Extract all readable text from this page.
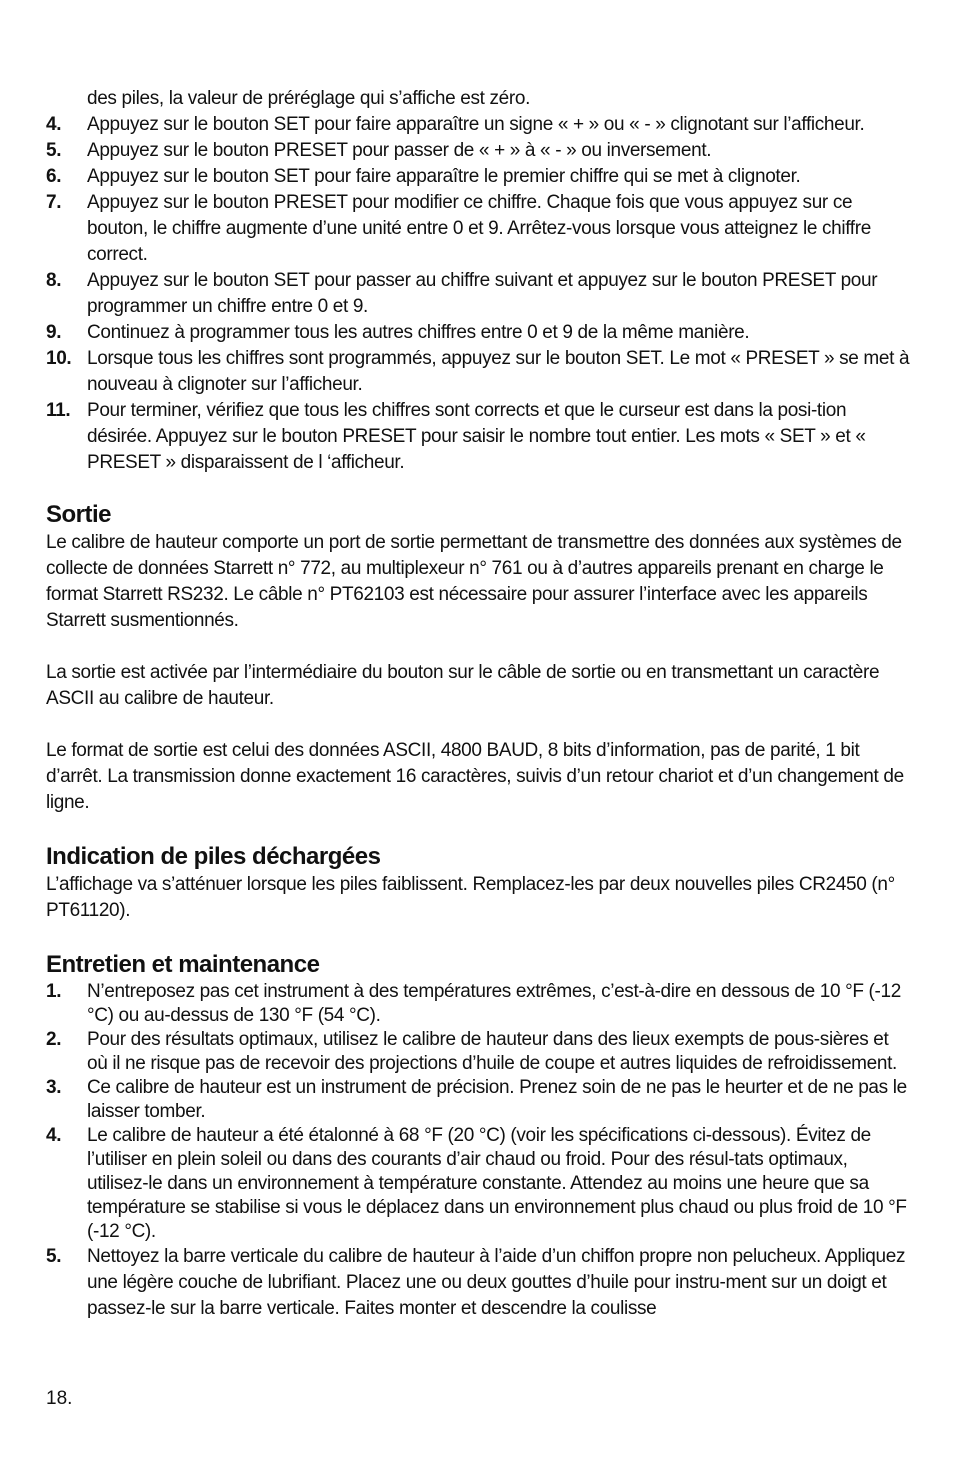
des piles, la valeur de préréglage qui s’affiche est zéro.
4.	Appuyez sur le bouton SET pour faire apparaître un signe « + » ou « - » clignotant sur l’afficheur.
5.	Appuyez sur le bouton PRESET pour passer de « + » à « - » ou inversement.
6.	Appuyez sur le bouton SET pour faire apparaître le premier chiffre qui se met à clignoter.
7.	Appuyez sur le bouton PRESET pour modifier ce chiffre. Chaque fois que vous appuyez sur ce bouton, le chiffre augmente d’une unité entre 0 et 9. Arrêtez-vous lorsque vous atteignez le chiffre correct.
8.	Appuyez sur le bouton SET pour passer au chiffre suivant et appuyez sur le bouton PRESET pour programmer un chiffre entre 0 et 9.
9.	Continuez à programmer tous les autres chiffres entre 0 et 9 de la même manière.
10. Lorsque tous les chiffres sont programmés, appuyez sur le bouton SET. Le mot « PRESET » se met à nouveau à clignoter sur l’afficheur.
11. Pour terminer, vérifiez que tous les chiffres sont corrects et que le curseur est dans la posi-tion désirée. Appuyez sur le bouton PRESET pour saisir le nombre tout entier. Les mots « SET » et « PRESET » disparaissent de l ‘afficheur.
Sortie

Le calibre de hauteur comporte un port de sortie permettant de transmettre des données aux systèmes de collecte de données Starrett n° 772, au multiplexeur n° 761 ou à d’autres appareils prenant en charge le format Starrett RS232. Le câble n° PT62103 est nécessaire pour assurer l’interface avec les appareils Starrett susmentionnés.

La sortie est activée par l’intermédiaire du bouton sur le câble de sortie ou en transmettant un caractère ASCII au calibre de hauteur.

Le format de sortie est celui des données ASCII, 4800 BAUD, 8 bits d’information, pas de parité, 1 bit d’arrêt. La transmission donne exactement 16 caractères, suivis d’un retour chariot et d’un changement de ligne.

Indication de piles déchargées

L’affichage va s’atténuer lorsque les piles faiblissent. Remplacez-les par deux nouvelles piles CR2450 (n° PT61120).

Entretien et maintenance
1.	N’entreposez pas cet instrument à des températures extrêmes, c’est-à-dire en dessous de 10 °F (-12 °C) ou au-dessus de 130 °F (54 °C).
2.	Pour des résultats optimaux, utilisez le calibre de hauteur dans des lieux exempts de pous-sières et où il ne risque pas de recevoir des projections d’huile de coupe et autres liquides de refroidissement.
3.	Ce calibre de hauteur est un instrument de précision. Prenez soin de ne pas le heurter et de ne pas le laisser tomber.
4.	Le calibre de hauteur a été étalonné à 68 °F (20 °C) (voir les spécifications ci-dessous). Évitez de l’utiliser en plein soleil ou dans des courants d’air chaud ou froid. Pour des résul-tats optimaux, utilisez-le dans un environnement à température constante. Attendez au moins une heure que sa température se stabilise si vous le déplacez dans un environnement plus chaud ou plus froid de 10 °F (-12 °C).
5.	Nettoyez la barre verticale du calibre de hauteur à l’aide d’un chiffon propre non pelucheux. Appliquez une légère couche de lubrifiant. Placez une ou deux gouttes d’huile pour instru-ment sur un doigt et passez-le sur la barre verticale. Faites monter et descendre la coulisse
18.
